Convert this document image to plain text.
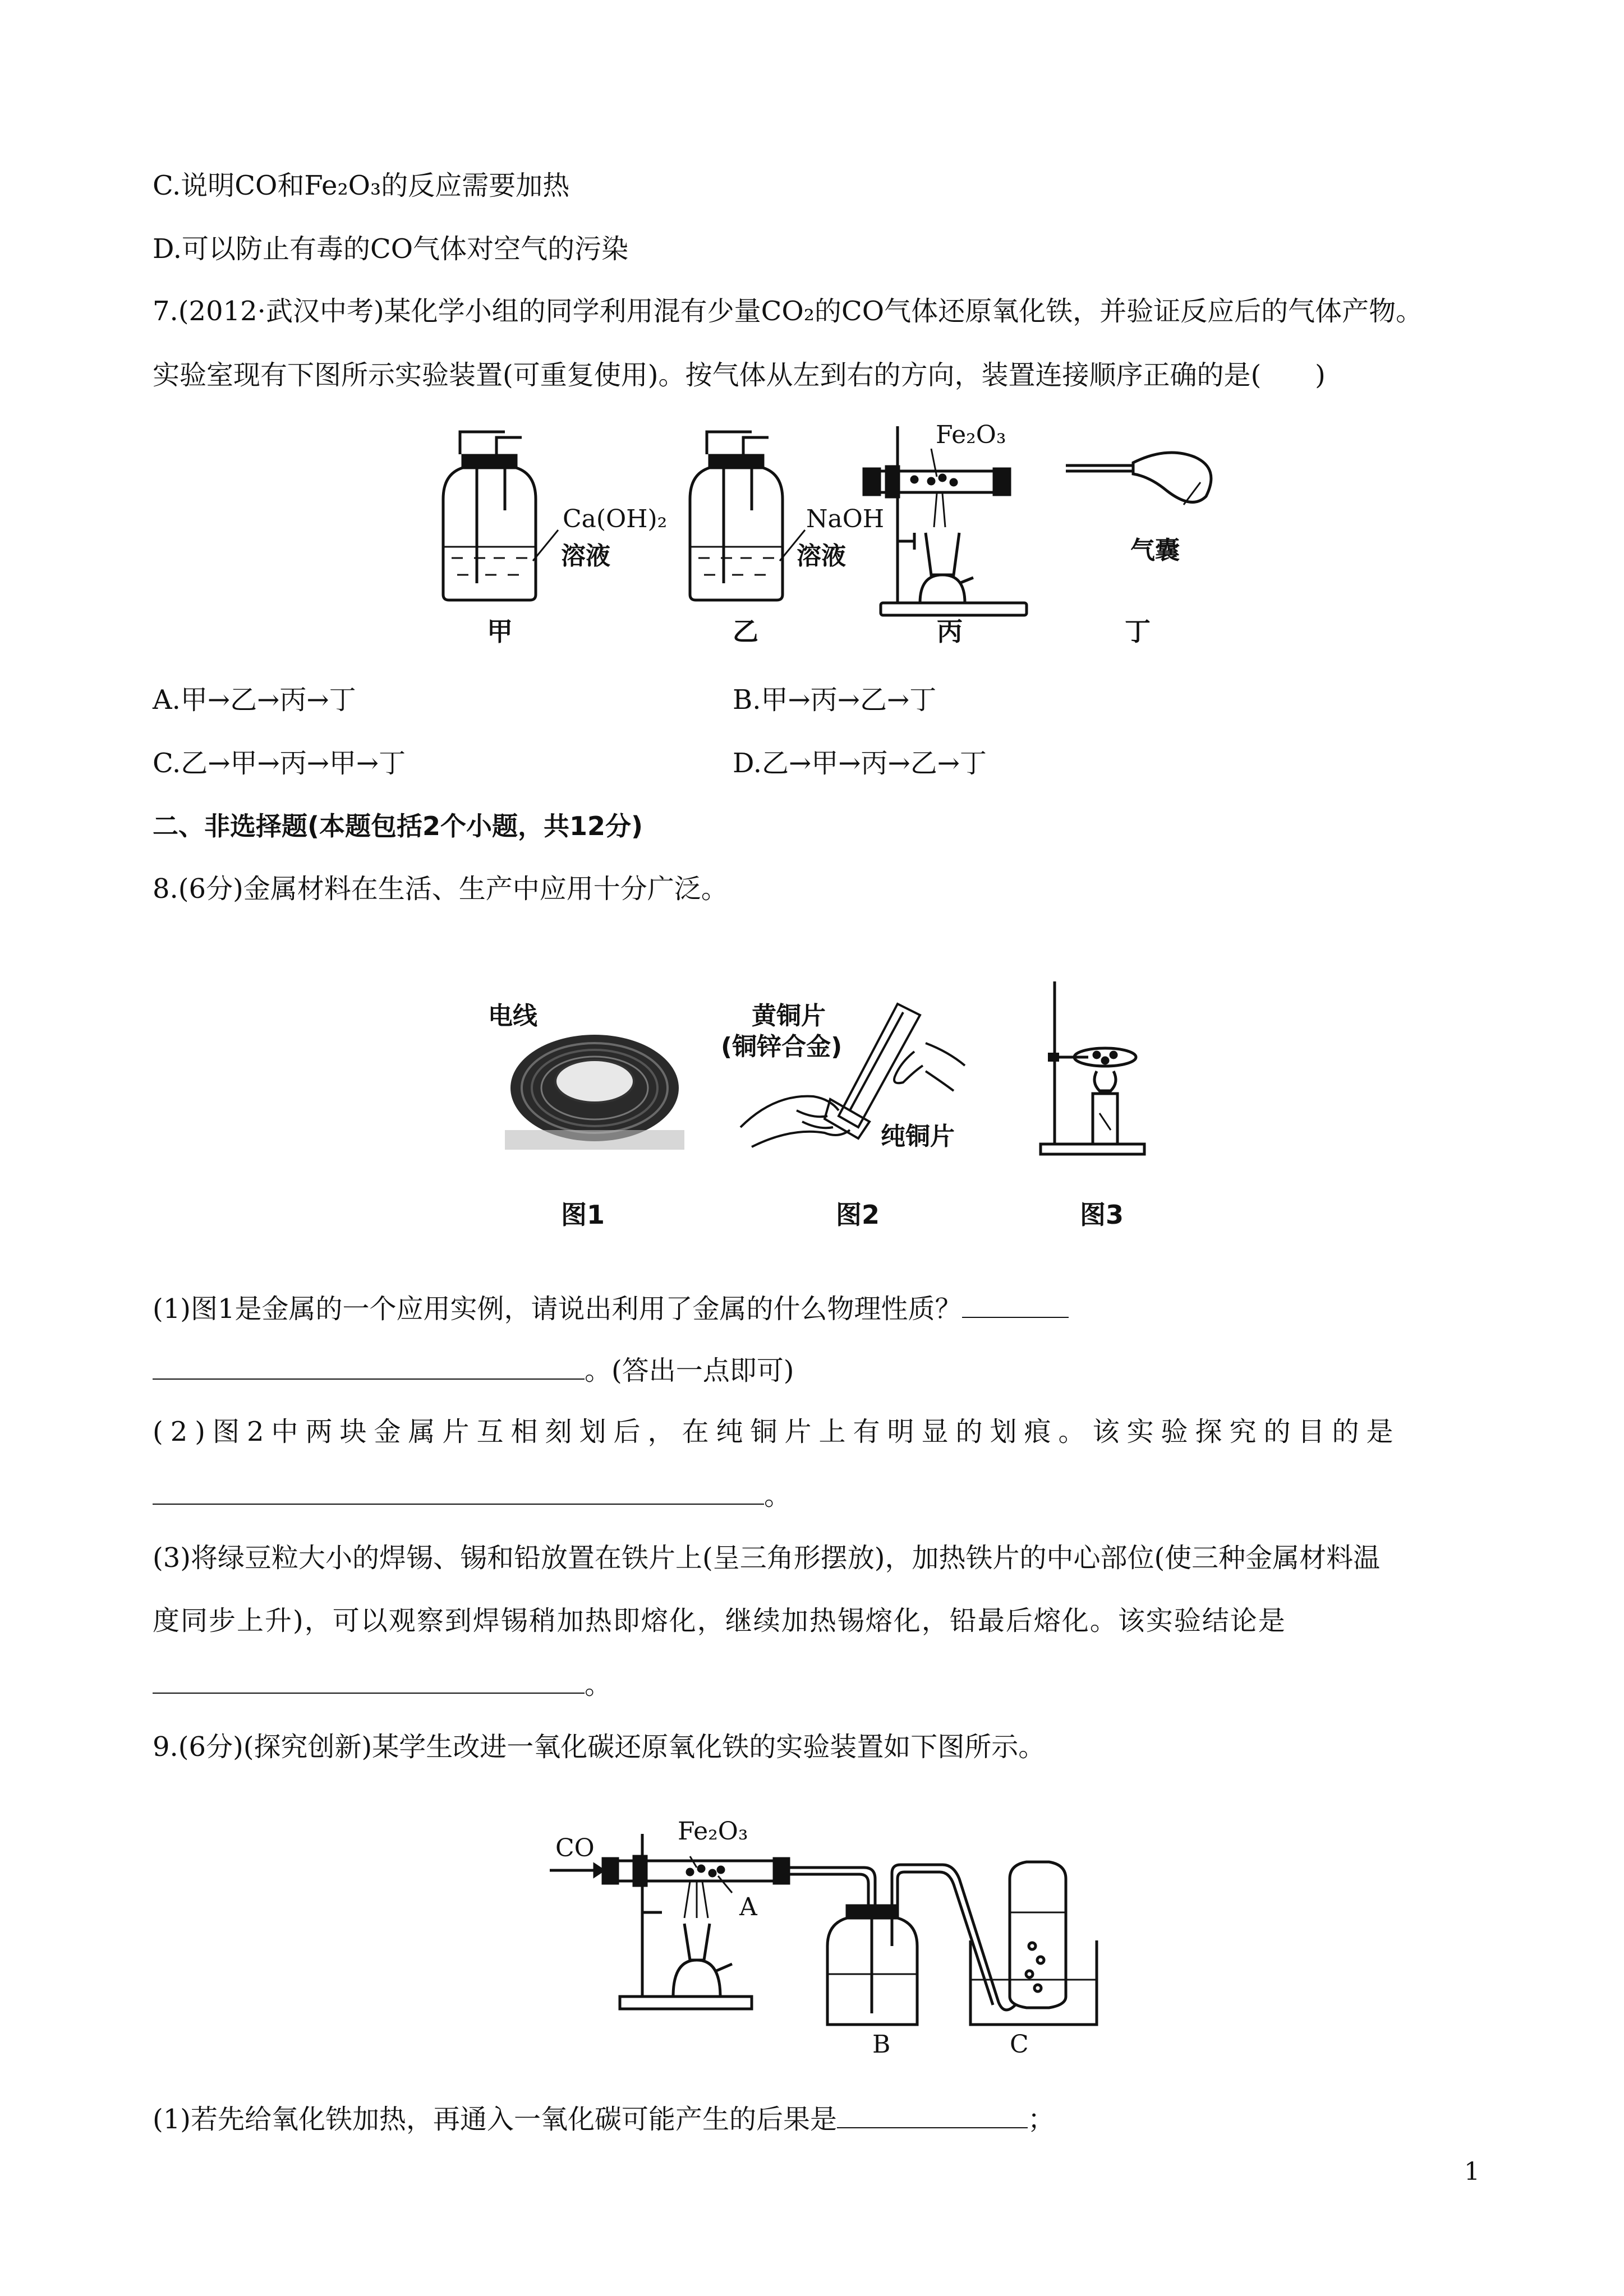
C.说明CO和Fe₂O₃的反应需要加热
D.可以防止有毒的CO气体对空气的污染
7.(2012·武汉中考)某化学小组的同学利用混有少量CO₂的CO气体还原氧化铁，并验证反应后的气体产物。
实验室现有下图所示实验装置(可重复使用)。按气体从左到右的方向，装置连接顺序正确的是(　　)
Ca(OH)₂
溶液
NaOH
溶液
Fe₂O₃
气囊
甲	乙	丙	丁
A.甲→乙→丙→丁	B.甲→丙→乙→丁
C.乙→甲→丙→甲→丁	D.乙→甲→丙→乙→丁
二、非选择题(本题包括2个小题，共12分)
8.(6分)金属材料在生活、生产中应用十分广泛。
电线	黄铜片
(铜锌合金)
纯铜片
图1	图2	图3
(1)图1是金属的一个应用实例，请说出利用了金属的什么物理性质？
。(答出一点即可)
(2)图2中两块金属片互相刻划后，在纯铜片上有明显的划痕。该实验探究的目的是
。
(3)将绿豆粒大小的焊锡、锡和铅放置在铁片上(呈三角形摆放)，加热铁片的中心部位(使三种金属材料温
度同步上升)，可以观察到焊锡稍加热即熔化，继续加热锡熔化，铅最后熔化。该实验结论是
。
9.(6分)(探究创新)某学生改进一氧化碳还原氧化铁的实验装置如下图所示。
CO
Fe₂O₃
A
B	C
(1)若先给氧化铁加热，再通入一氧化碳可能产生的后果是	；
1
